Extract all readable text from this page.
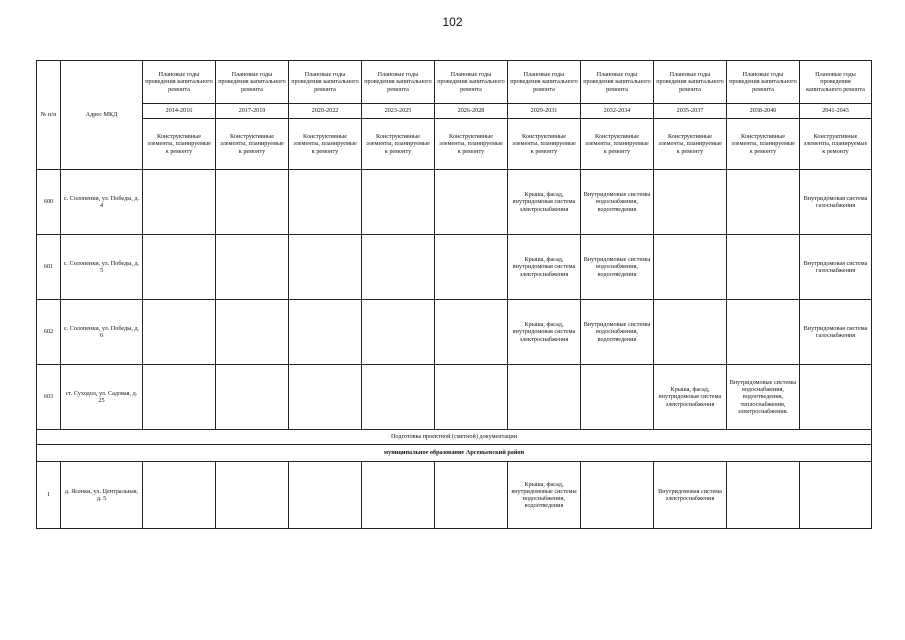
102
№ п/п	Адрес МКД	Плановые годы проведения капитального ремонта	Плановые годы проведения капитального ремонта	Плановые годы проведения капитального ремонта	Плановые годы проведения капитального ремонта	Плановые годы проведения капитального ремонта	Плановые годы проведения капитального ремонта	Плановые годы проведения капитального ремонта	Плановые годы проведения капитального ремонта	Плановые годы проведения капитального ремонта	Плановые годы проведения капитального ремонта
		2014-2016	2017-2019	2020-2022	2023-2025	2026-2028	2029-2031	2032-2034	2035-2037	2038-2040	2041-2043
		Конструктивные элементы, планируемые к ремонту	Конструктивные элементы, планируемые к ремонту	Конструктивные элементы, планируемые к ремонту	Конструктивные элементы, планируемые к ремонту	Конструктивные элементы, планируемые к ремонту	Конструктивные элементы, планируемые к ремонту	Конструктивные элементы, планируемые к ремонту	Конструктивные элементы, планируемые к ремонту	Конструктивные элементы, планируемые к ремонту	Конструктивные элементы, планируемые к ремонту
600	с. Солопенки, ул. Победы, д. 4						Крыша, фасад, внутридомовая система электроснабжения	Внутридомовые системы водоснабжения, водоотведения			Внутридомовая система газоснабжения
601	с. Солопенки, ул. Победы, д. 5						Крыша, фасад, внутридомовая система электроснабжения	Внутридомовые системы водоснабжения, водоотведения			Внутридомовая система газоснабжения
602	с. Солопенки, ул. Победы, д. 6						Крыша, фасад, внутридомовая система электроснабжения	Внутридомовые системы водоснабжения, водоотведения			Внутридомовая система газоснабжения
603	ст. Суходол, ул. Садовая, д. 25								Крыша, фасад, внутридомовая система электроснабжения	Внутридомовые системы водоснабжения, водоотведения, теплоснабжения, электроснабжения.	
Подготовка проектной (сметной) документации											
муниципальное образование Арсеньевский район											
1	д. Ясенки, ул. Центральная, д. 5						Крыша, фасад, внутридомовые системы водоснабжения, водоотведения		Внутридомовая система электроснабжения		
